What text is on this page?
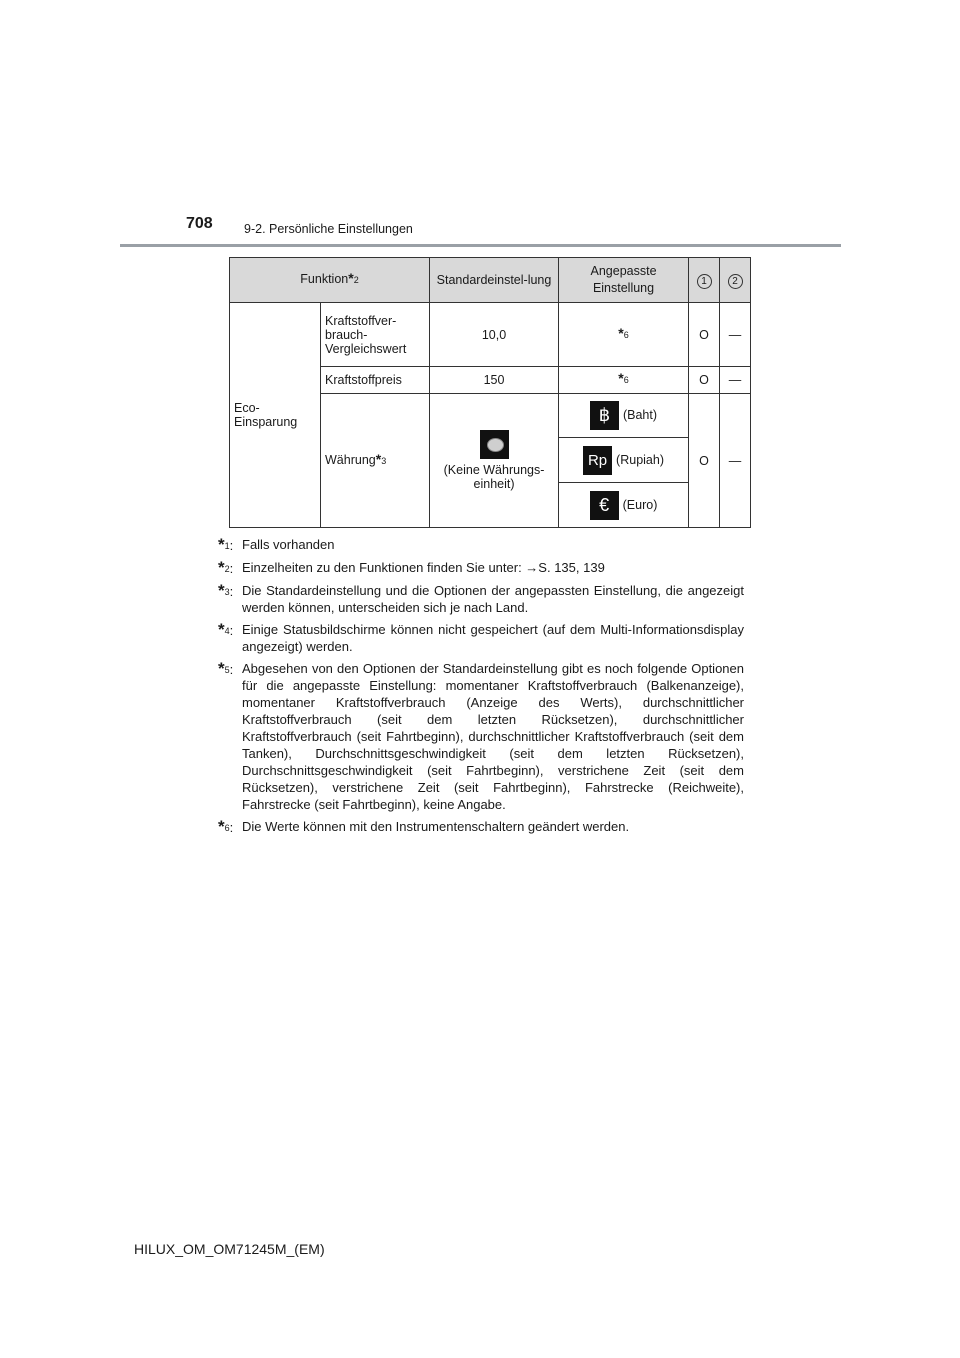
708	9-2. Persönliche Einstellungen
Funktion$^{*2}$		Standardeinstel-lung	Angepasste Einstellung	1	2
Eco-Einsparung	Kraftstoffver-brauch-Vergleichswert	10,0	$^{*6}$	O	—
	Kraftstoffpreis	150	$^{*6}$	O	—
	Währung$^{*3}$	(Keine Währungs-einheit)	฿ (Baht)	O	—
			Rp (Rupiah)		
			€ (Euro)		
*$^1$: Falls vorhanden
*$^2$: Einzelheiten zu den Funktionen finden Sie unter: →S. 135, 139
*$^3$: Die Standardeinstellung und die Optionen der angepassten Einstellung, die angezeigt werden können, unterscheiden sich je nach Land.
*$^4$: Einige Statusbildschirme können nicht gespeichert (auf dem Multi-Informationsdisplay angezeigt) werden.
*$^5$: Abgesehen von den Optionen der Standardeinstellung gibt es noch folgende Optionen für die angepasste Einstellung: momentaner Kraftstoffverbrauch (Balkenanzeige), momentaner Kraftstoffverbrauch (Anzeige des Werts), durchschnittlicher Kraftstoffverbrauch (seit dem letzten Rücksetzen), durchschnittlicher Kraftstoffverbrauch (seit Fahrtbeginn), durchschnittlicher Kraftstoffverbrauch (seit dem Tanken), Durchschnittsgeschwindigkeit (seit dem letzten Rücksetzen), Durchschnittsgeschwindigkeit (seit Fahrtbeginn), verstrichene Zeit (seit dem Rücksetzen), verstrichene Zeit (seit Fahrtbeginn), Fahrstrecke (Reichweite), Fahrstrecke (seit Fahrtbeginn), keine Angabe.
*$^6$: Die Werte können mit den Instrumentenschaltern geändert werden.
HILUX_OM_OM71245M_(EM)
